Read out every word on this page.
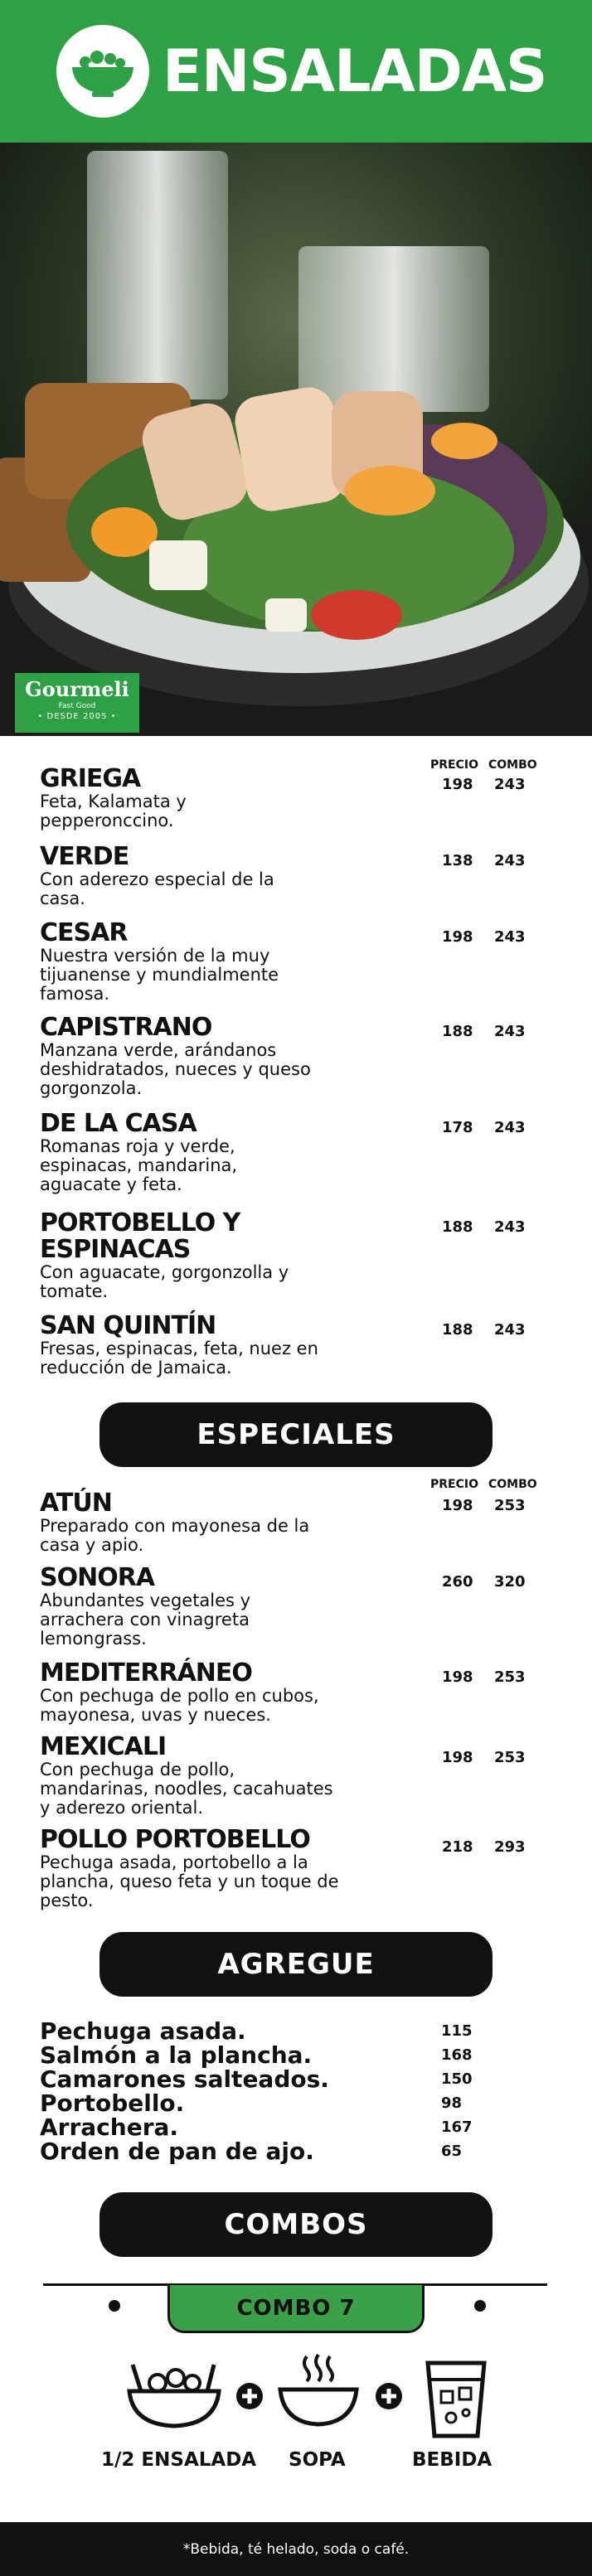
ENSALADAS
Gourmeli
Fast Good
• DESDE 2005 •
PRECIO COMBO
GRIEGA
Feta, Kalamata y pepperonccino.
198 243
VERDE
Con aderezo especial de la casa.
138 243
CESAR
Nuestra versión de la muy tijuanense y mundialmente famosa.
198 243
CAPISTRANO
Manzana verde, arándanos deshidratados, nueces y queso gorgonzola.
188 243
DE LA CASA
Romanas roja y verde, espinacas, mandarina, aguacate y feta.
178 243
PORTOBELLO Y ESPINACAS
Con aguacate, gorgonzolla y tomate.
188 243
SAN QUINTÍN
Fresas, espinacas, feta, nuez en reducción de Jamaica.
188 243
ESPECIALES
PRECIO COMBO
ATÚN
Preparado con mayonesa de la casa y apio.
198 253
SONORA
Abundantes vegetales y arrachera con vinagreta lemongrass.
260 320
MEDITERRÁNEO
Con pechuga de pollo en cubos, mayonesa, uvas y nueces.
198 253
MEXICALI
Con pechuga de pollo, mandarinas, noodles, cacahuates y aderezo oriental.
198 253
POLLO PORTOBELLO
Pechuga asada, portobello a la plancha, queso feta y un toque de pesto.
218 293
AGREGUE
Pechuga asada.	115
Salmón a la plancha.	168
Camarones salteados.	150
Portobello.	98
Arrachera.	167
Orden de pan de ajo.	65
COMBOS
COMBO 7
1/2 ENSALADA SOPA	BEBIDA
*Bebida, té helado, soda o café.
